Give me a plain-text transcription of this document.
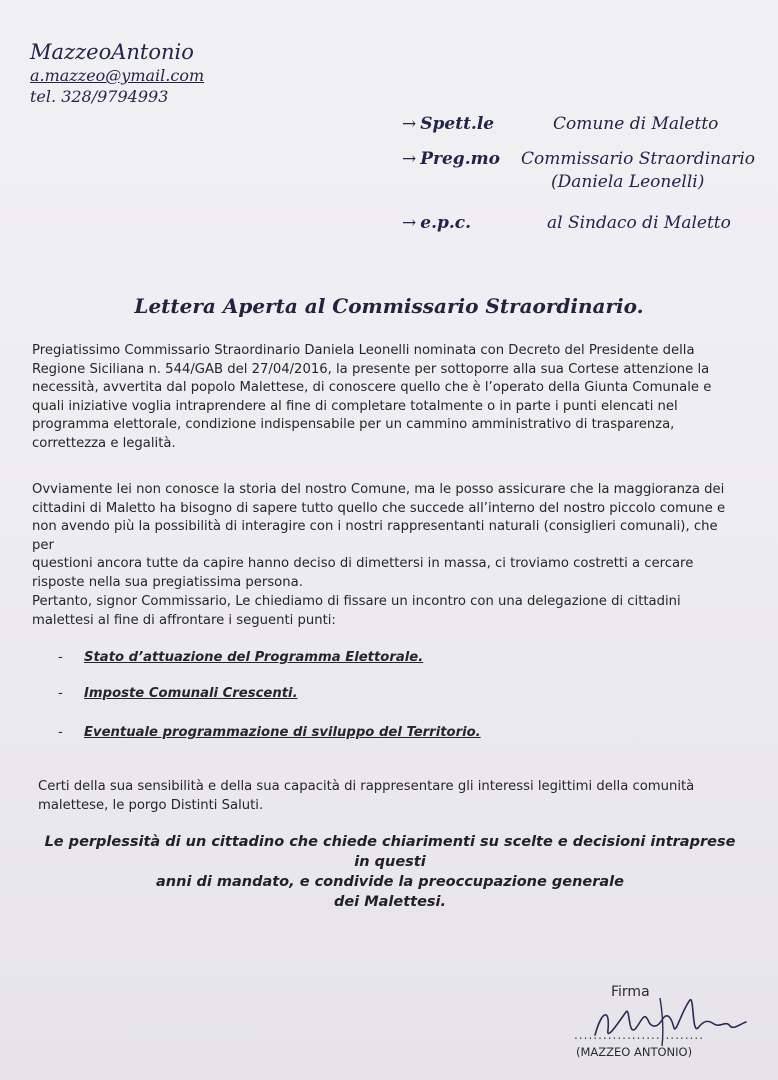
MazzeoAntonio
a.mazzeo@ymail.com
tel. 328/9794993
→ Spett.le	Comune di Maletto
→ Preg.mo Commissario Straordinario
(Daniela Leonelli)
→ e.p.c.	al Sindaco di Maletto
Lettera Aperta al Commissario Straordinario.
Pregiatissimo Commissario Straordinario Daniela Leonelli nominata con Decreto del Presidente della
Regione Siciliana n. 544/GAB del 27/04/2016, la presente per sottoporre alla sua Cortese attenzione la
necessità, avvertita dal popolo Malettese, di conoscere quello che è l’operato della Giunta Comunale e
quali iniziative voglia intraprendere al fine di completare totalmente o in parte i punti elencati nel
programma elettorale, condizione indispensabile per un cammino amministrativo di trasparenza,
correttezza e legalità.
Ovviamente lei non conosce la storia del nostro Comune, ma le posso assicurare che la maggioranza dei
cittadini di Maletto ha bisogno di sapere tutto quello che succede all’interno del nostro piccolo comune e
non avendo più la possibilità di interagire con i nostri rappresentanti naturali (consiglieri comunali), che per
questioni ancora tutte da capire hanno deciso di dimettersi in massa, ci troviamo costretti a cercare
risposte nella sua pregiatissima persona.
Pertanto, signor Commissario, Le chiediamo di fissare un incontro con una delegazione di cittadini
malettesi al fine di affrontare i seguenti punti:
- Stato d’attuazione del Programma Elettorale.
- Imposte Comunali Crescenti.
- Eventuale programmazione di sviluppo del Territorio.
Certi della sua sensibilità e della sua capacità di rappresentare gli interessi legittimi della comunità
malettese, le porgo Distinti Saluti.
Le perplessità di un cittadino che chiede chiarimenti su scelte e decisioni intraprese in questi
anni di mandato, e condivide la preoccupazione generale
dei Malettesi.
Firma
...........................
(MAZZEO ANTONIO)
